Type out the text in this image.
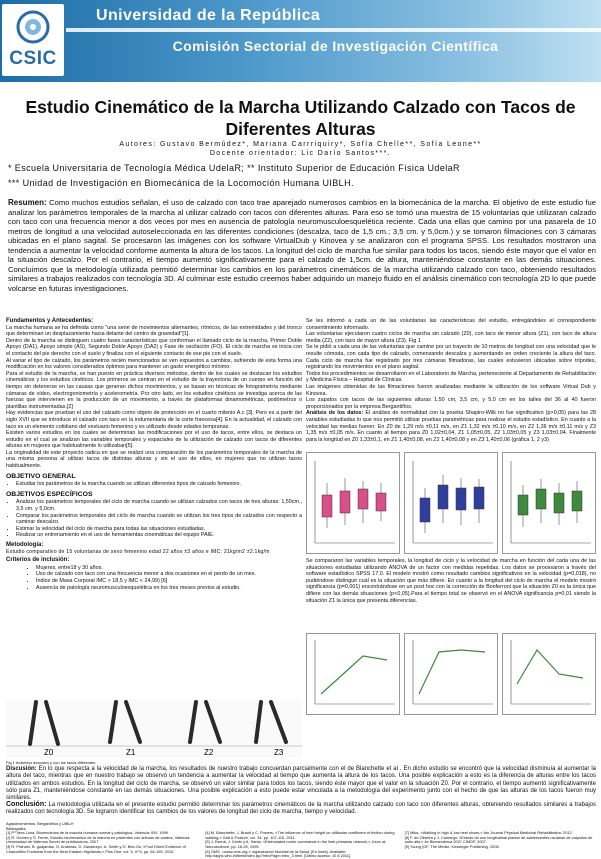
CSIC
Universidad de la República
Comisión Sectorial de Investigación Científica
Estudio Cinemático de la Marcha Utilizando Calzado con Tacos de Diferentes Alturas
Autores: Gustavo Bermúdez*, Mariana Carrriquiry*, Sofía Chelle**, Sofía Leone**
Docente orientador: Lic Darío Santos***.
* Escuela Universitaria de Tecnología Médica UdelaR; ** Instituto Superior de Educación Física UdelaR
*** Unidad de Investigación en Biomecánica de la Locomoción Humana UIBLH.
Resumen: Como muchos estudios señalan, el uso de calzado con taco trae aparejado numerosos cambios en la biomecánica de la marcha. El objetivo de este estudio fue analizar los parámetros temporales de la marcha al utilizar calzado con tacos con diferentes alturas. Para eso se tomó una muestra de 15 voluntarias que utilizaran calzado con taco con una frecuencia menor a dos veces por mes en ausencia de patología neuromusculoesquelética reciente. Cada una ellas que camino por una pasarela de 10 metros de longitud a una velocidad autoseleccionada en las diferentes condiciones (descalza, taco de 1,5 cm.; 3,5 cm. y 5,0cm.) y se tomaron filmaciones con 3 cámaras ubicadas en el plano sagital. Se procesaron las imágenes con los software VirtualDub y Kinovea y se analizaron con el programa SPSS. Los resultados mostraron una tendencia a aumentar la velocidad conforme aumenta la altura de los tacos. La longitud del ciclo de marcha fue similar para todos los tacos, siendo éste mayor que el valor en la situación descalzo. Por el contrario, el tiempo aumentó significativamente para el calzado de 1,5cm. de altura, manteniéndose constante en las demás situaciones. Concluimos que la metodología utilizada permitió determinar los cambios en los parámetros cinemáticos de la marcha utilizando calzado con taco, obteniendo resultados similares a trabajos realizados con tecnología 3D. Al culminar este estudio creemos haber adquirido un manejo fluido en el análisis cinemático con tecnología 2D lo que puede volcarse en futuras investigaciones.

Fundamentos y Antecedentes:

La marcha humana se ha definida como "una serie de movimientos alternantes, rítmicos, de las extremidades y del tronco que determinan un desplazamiento hacia delante del centro de gravedad"[1].

Dentro de la marcha se distinguen cuatro fases características que conforman el llamado ciclo de la marcha, Primer Doble Apoyo (DA1), Apoyo simple (AS), Segundo Doble Apoyo (DA2) y Fase de oscilación (FO). El ciclo de marcha se inicia con el contacto del pie derecho con el suelo y finaliza con el siguiente contacto de ese pie con el suelo.

Al variar el tipo de calzado, los parámetros recién mencionados se ven expuestos a cambios, sufriendo de esta forma una modificación en los valores considerados óptimos para mantener un gasto energético mínimo.

Para el estudio de la marcha, se han puesto en práctica diversos métodos, dentro de los cuales se destacan los estudios cinemáticos y los estudios cinéticos. Los primeros se centran en el estudio de la trayectoria de un cuerpo en función del tiempo sin detenerse en las causas que generan dichos movimientos, y se basan en técnicas de fotogrametría mediante cámaras de vídeo, electrogoniometría y acelerometría. Por otro lado, en los estudios cinéticos se investiga acerca de las fuerzas que intervienen en la producción de un movimiento, a través de plataformas dinamométricas, podómetros o plantillas instrumentadas.[2]

Hay evidencias que prueban el uso del calzado como objeto de protección en el cuarto milenio A.c [3]. Pero es a partir del siglo XVII que se introduce el calzado con taco en la indumentaria de la corte francesa[4]. En la actualidad, el calzado con taco es un elemento cotidiano del vestuario femenino y es utilizado desde edades tempranas.

Existen varios estudios en los cuales se determinan las modificaciones por el uso de tacos, entre ellos, se destaca un estudio en el cual se analizan las variables temporales y espaciales de la utilización de calzado con tacos de diferentes alturas en mujeres que habitualmente lo utilizaban[5].

La originalidad de este proyecto radica en que se realizó una comparación de los parámetros temporales de la marcha de una misma persona al utilizar tacos de distintas alturas y sin el uso de ellos, en mujeres que no utilizan tacos habitualmente.

OBJETIVO GENERAL

• Estudiar los parámetros de la marcha cuando se utilizan diferentes tipos de calzado femenino.

OBJETIVOS ESPECÍFICOS

• Analizar los parámetros temporales del ciclo de marcha cuando se utilizan calzados con tacos de tres alturas: 1,50cm., 3,5 cm. y 5,0cm.
• Comparar los parámetros temporales del ciclo de marcha cuando se utilizan los tres tipos de calzados con respecto a caminar descalzo.
• Estimar la velocidad del ciclo de marcha para todas las situaciones estudiadas.
• Realizar un entrenamiento en el uso de herramientas cinemáticas del equipo PAIE.

Metodología:

Estudio comparativo de 15 voluntarias de sexo femenino edad 22 años ±3 años e IMC: 21kg/m2 ±2.1kg/m

Criterios de inclusión:

• Mujeres, entre18 y 30 años.
• Uso de calzado con taco con una frecuencia menor a dos ocasiones en el perdo de un mes.
• Índice de Masa Corporal IMC > 18,5 y IMC < 24,99) [6]
• Ausencia de patología neuromusculoesquelética en los tres meses previos al estudio.
Z0	Z1	Z2	Z3
Fig 1 Individuo descalzo y con los tacos diferentes.

Se les informó a cada un de las voluntarias las características del estudio, entregándoles el correspondiente consentimiento informado.

Las voluntarias ejecutaron cuatro ciclos de marcha sin calzado (Z0), con taco de menor altura (Z1), con taco de altura media (Z2), con taco de mayor altura (Z3). Fig 1

Se le pidió a cada una de las voluntarias que camine por un trayecto de 10 metros de longitud con una velocidad que le resulte cómoda, con cada tipo de calzado, comenzando descalza y aumentando en orden creciente la altura del taco. Cada ciclo de marcha fue registrado por tres cámaras filmadoras, las cuales estuvieron ubicadas sobre trípodes, registrando los movimientos en el plano sagital.

Todos los procedimientos se desarrollaron en el Laboratorio de Marcha, perteneciente al Departamento de Rehabilitación y Medicina Física – Hospital de Clínicas.

Las imágenes obtenidas de las filmaciones fueron analizadas mediante la utilización de los software Virtual Dub y Kinovea.

Los zapatos con tacos de las siguientes alturas 1,50 cm, 3,5 cm, y 5,0 cm en los talles del 36 al 40 fueron proporcionados por la empresa Bergantiños.

Análisis de los datos: El análisis de normalidad con la prueba Shapiro-Wilk no fue significativo (p>0,05) para las 28 variables estudiadas lo que nos permitió utilizar pruebas paramétricas para realizar el estudio estadístico. En cuanto a la velocidad las medias fueron: En Z0 de 1,29 m/s ±0,11 m/s, en Z1 1,32 m/s ±0,10 m/s, en Z2 1,36 m/s ±0,11 m/s y Z3 1,35 m/s ±0,05 m/s. En cuanto al tiempo para Z0 1,02±0,04, Z1 1,05±0,05, Z2 1,03±0,05 y Z3 1,03±0,04. Finalmente para la longitud en Z0 1,33±0,1, en Z1 1,40±0,08, en Z2 1,40±0,08 y en Z3 1,40±0,06 (gráfica 1, 2 y3)

Se compararon las variables temporales, la longitud de ciclo y la velocidad de marcha en función del cada una de las situaciones estudiadas utilizando ANOVA de un factor con medidas repetidas. Los datos se procesaron a través del software estadístico SPSS 17.0. El modelo mostró como resultado cambios significativos en la velocidad (p=0,018), no pudiéndose distinguir cuál es la situación que más difiere. En cuanto a la longitud del ciclo de marcha el modelo mostró significancia (p=0,001) encontrándose en un post hoc con la corrección de Bonferroni que la situación Z0 es la única que difiere con las demás situaciones (p<0,05).Para el tiempo total se observó en el ANOVA significancia p=0,01 siendo la situación Z1 la única que presenta diferencias.
Discusión: En lo que respecta a la velocidad de la marcha, los resultados de nuestro trabajo concuerdan parcialmente con el de Blanchette et al . En dicho estudio se encontró que la velocidad disminuía al aumentar la altura del taco, mientras que en nuestro trabajo se observó un tendencia a aumentar la velocidad al tiempo que aumenta la altura de los tacos. Una posible explicación a esto es la diferencia de alturas entre los tacos utilizados en ambos estudios. En la longitud del ciclo de marcha, se observó un valor similar para todos los tacos, siendo éste mayor que el valor en la situación Z0. Por el contrario, el tiempo aumentó significativamente sólo para Z1, manteniéndose constante en las demás situaciones. Una posible explicación a esto puede estar vinculada a la metodología del experimento junto con el hecho de que las alturas de los tacos fueron muy similares.
Conclusión: La metodología utilizada en el presente estudio permitió determinar los parámetros cinemáticos de la marcha utilizando calzado con taco con diferentes alturas, obteniendo resultados similares a trabajos realizados con tecnología 3D. Se lograron identificar los cambios de los valores de longitud del ciclo de marcha, tiempo y velocidad.
Agradecimientos: Bergantiños y UIBLH
Bibliografía:
[1] Pº Vera Luna, Biomecánica de la marcha humana normal y patológica, Valencia: IBV, 1999
[2] R. Gómez y S. Ferrer, Estudio biomecánico de la marcha en pacientes con artrosis de cadera, Valencia: Universidad de Valencia Servei de publicacions, 2007
[3] R. Prahani, B. guajardas, G. Arralinas, D. Zandarzyn, A. Smith y G. Bee-Os, «Foot Direct Evidence of Chalcolithic Footwear from the Near Eastern Highlands,» Plos One, vol. 5, nº 6, pp. 84-105, 2010.
[4] M. Blanchette, J. Brault y C. Powers, «The influence of heel height on utilitarian coefficient of friction during walking,» Gait & Posture, vol. 34, pp. 107-110, 2011.
[5] J. Esenb, J. Kimbi y A. Santa, «Estimulated motor commands in the limb primarias network,» Journ at Neuroscience, pp. 16-25, 1995.
[6] OMS, <www.oms.org.» organización Mundial de la Salud, [En línea]. Available: http://apps.who.int/bmi/index.jsp?introPage=intro_3.html. [Último acceso: 10 8 2011].
[7] Mika, «Walking in high & low heel shoes,» Am Journal Physical Medicinal Rehabilitation, 2012.
[8] F. de Oliveira y J. Camargo, «Estudo do uso longitudinal plantar de adolescentes usuárias de calçados de salto alto,» Av Biomecânica 2007 CIMDP, 2007.
[9] Young (GF, The Medici, Kessinger Publishing, 2005.
